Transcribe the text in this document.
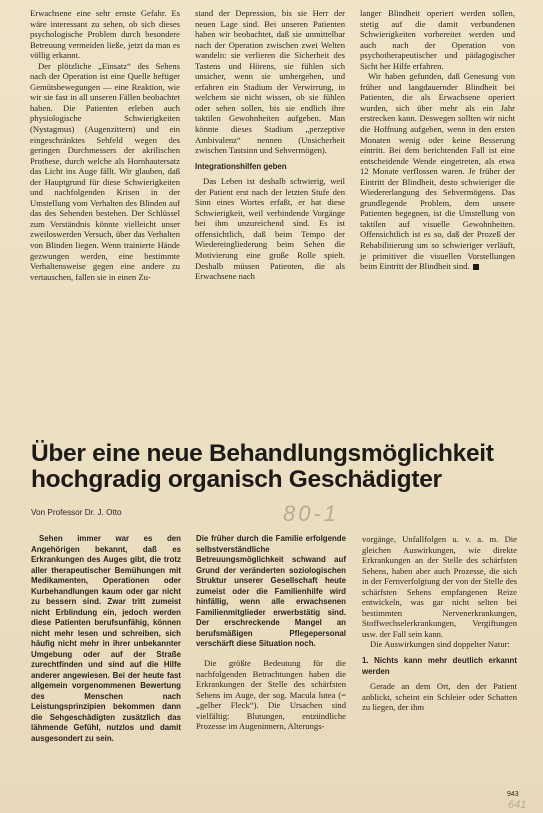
Erwachsene eine sehr ernste Gefahr. Es wäre interessant zu sehen, ob sich dieses psychologische Problem durch besondere Betreuung vermeiden ließe, jetzt da man es völlig erkannt.

Der plötzliche „Einsatz“ des Sehens nach der Operation ist eine Quelle heftiger Gemütsbewegungen — eine Reaktion, wie wir sie fast in all unseren Fällen beobachtet haben. Die Patienten erleben auch physiologische Schwierigkeiten (Nystagmus) (Augenzittern) und ein eingeschränktes Sehfeld wegen des geringen Durchmessers der akrilischen Prothese, durch welche als Hornhautersatz das Licht ins Auge fällt. Wir glauben, daß der Hauptgrund für diese Schwierigkeiten und nachfolgenden Krisen in der Umstellung vom Verhalten des Blinden auf das des Sehenden bestehen. Der Schlüssel zum Verständnis könnte vielleicht unser zweiloswerden Versuch, über das Verhalten von Blinden liegen. Wenn trainierte Hände gezwungen werden, eine bestimmte Verhaltensweise gegen eine andere zu vertauschen, fallen sie in einen Zu-

stand der Depression, bis sie Herr der neuen Lage sind. Bei unseren Patienten haben wir beobachtet, daß sie unmittelbar nach der Operation zwischen zwei Welten wandeln: sie verlieren die Sicherheit des Tastens und Hörens, sie fühlen sich unsicher, wenn sie umhergehen, und erfahren ein Stadium der Verwirrung, in welchem sie nicht wissen, ob sie fühlen oder sehen sollen, bis sie endlich ihre taktilen Gewohnheiten aufgeben. Man könnte dieses Stadium „perzeptive Ambivalenz“ nennen (Unsicherheit zwischen Tastsinn und Sehvermögen).

Integrationshilfen geben

Das Leben ist deshalb schwierig, weil der Patient erst nach der letzten Stufe den Sinn eines Wortes erfaßt, er hat diese Schwierigkeit, weil verbindende Vorgänge bei ihm unzureichend sind. Es ist offensichtlich, daß beim Tempo der Wiedereingliederung beim Sehen die Motivierung eine große Rolle spielt. Deshalb müssen Patienten, die als Erwachsene nach

langer Blindheit operiert werden sollen, stetig auf die damit verbundenen Schwierigkeiten vorbereitet werden und auch nach der Operation von psychotherapeutischer und pädagogischer Sicht her Hilfe erfahren.

Wir haben gefunden, daß Genesung von früher und langdauernder Blindheit bei Patienten, die als Erwachsene operiert wurden, sich über mehr als ein Jahr erstrecken kann. Deswegen sollten wir nicht die Hoffnung aufgeben, wenn in den ersten Monaten wenig oder keine Besserung eintritt. Bei dem berichtenden Fall ist eine entscheidende Wende eingetreten, als etwa 12 Monate verflossen waren. Je früher der Eintritt der Blindheit, desto schwieriger die Wiedererlangung des Sehvermögens. Das grundlegende Problem, dem unsere Patienten begegnen, ist die Umstellung von taktilen auf visuelle Gewohnheiten. Offensichtlich ist es so, daß der Prozeß der Rehabilitierung um so schwieriger verläuft, je primitiver die visuellen Vorstellungen beim Eintritt der Blindheit sind.

Über eine neue Behandlungsmöglichkeit
hochgradig organisch Geschädigter
Von Professor Dr. J. Otto	80-1

Sehen immer war es den Angehörigen bekannt, daß es Erkrankungen des Auges gibt, die trotz aller therapeutischer Bemühungen mit Medikamenten, Operationen oder Kurbehandlungen kaum oder gar nicht zu bessern sind. Zwar tritt zumeist nicht Erblindung ein, jedoch werden diese Patienten berufsunfähig, können nicht mehr lesen und schreiben, sich häufig nicht mehr in ihrer unbekannter Umgebung oder auf der Straße zurechtfinden und sind auf die Hilfe anderer angewiesen. Bei der heute fast allgemein vorgenommenen Bewertung des Menschen nach Leistungsprinzipien bekommen dann die Sehgeschädigten zusätzlich das lähmende Gefühl, nutzlos und damit ausgesondert zu sein.

Die früher durch die Familie erfolgende selbstverständliche Betreuungsmöglichkeit schwand auf Grund der veränderten soziologischen Struktur unserer Gesellschaft heute zumeist oder die Familienhilfe wird hinfällig, wenn alle erwachsenen Familienmitglieder erwerbstätig sind. Der erschreckende Mangel an berufsmäßigen Pflegepersonal verschärft diese Situation noch.

Die größte Bedeutung für die nachfolgenden Betrachtungen haben die Erkrankungen der Stelle des schärfsten Sehens im Auge, der sog. Macula lutea (= „gelber Fleck“). Die Ursachen sind vielfältig: Blutungen, entzündliche Prozesse im Augeninnern, Alterungs-

vorgänge, Unfallfolgen u. v. a. m. Die gleichen Auswirkungen, wie direkte Erkrankungen an der Stelle des schärfsten Sehens, haben aber auch Prozesse, die sich in der Fernverfolgtung der von der Stelle des schärfsten Sehens empfangenen Reize entwickeln, was gar nicht selten bei bestimmten Nervenerkrankungen, Stoffwechselerkrankungen, Vergiftungen usw. der Fall sein kann.

Die Auswirkungen sind doppelter Natur:

1. Nichts kann mehr deutlich erkannt werden

Gerade an dem Ort, den der Patient anblickt, scheint ein Schleier oder Schatten zu liegen, der ihm

943
641
